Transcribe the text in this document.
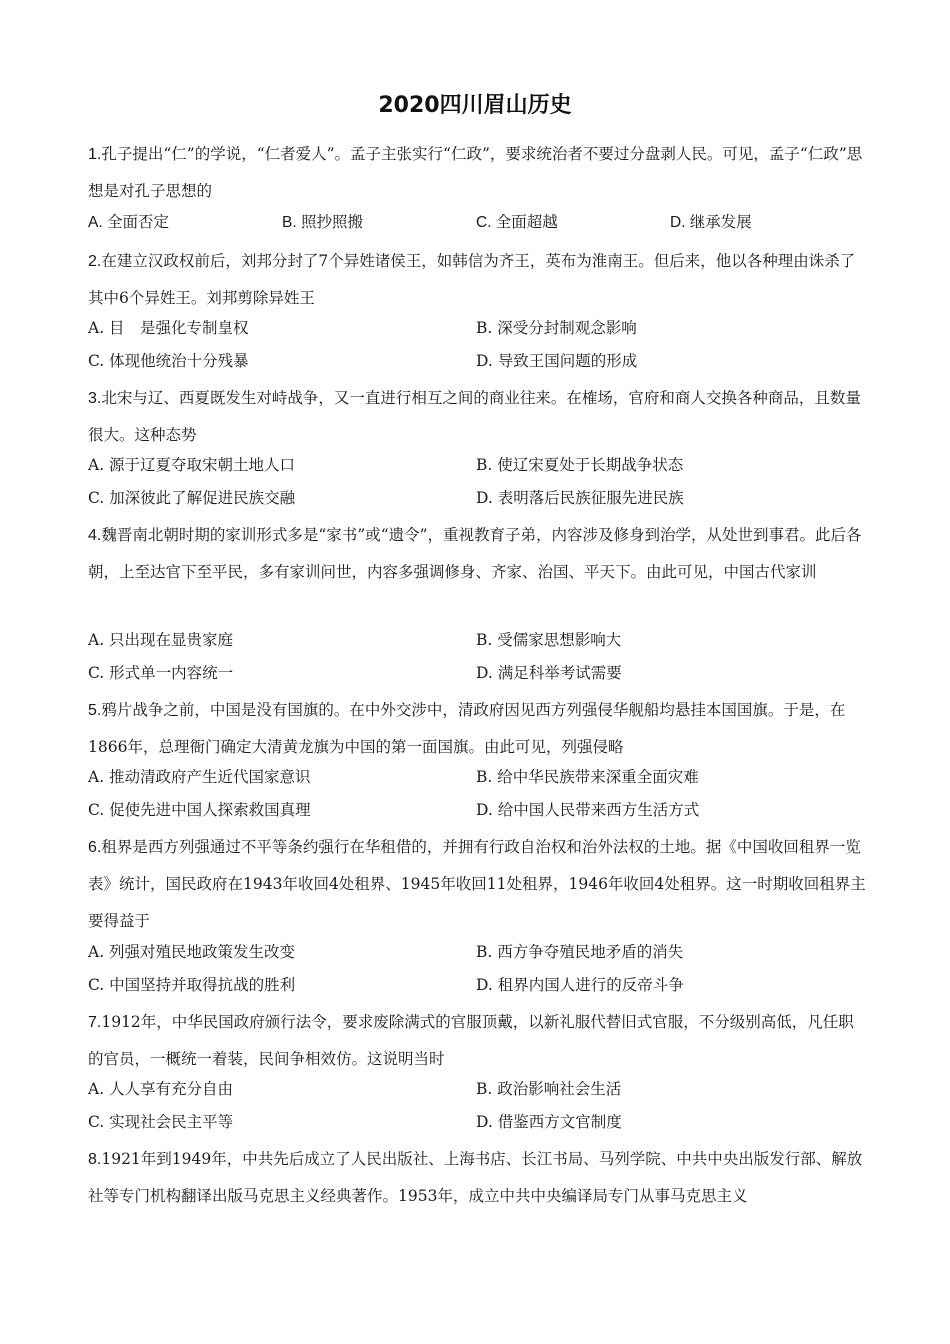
2020四川眉山历史
1.孔子提出“仁”的学说，“仁者爱人”。孟子主张实行“仁政”，要求统治者不要过分盘剥人民。可见，孟子“仁政”思想是对孔子思想的
A. 全面否定	B. 照抄照搬	C. 全面超越	D. 继承发展
2.在建立汉政权前后，刘邦分封了7个异姓诸侯王，如韩信为齐王，英布为淮南王。但后来，他以各种理由诛杀了其中6个异姓王。刘邦剪除异姓王
A. 目　是强化专制皇权	B. 深受分封制观念影响
C. 体现他统治十分残暴	D. 导致王国问题的形成
3.北宋与辽、西夏既发生对峙战争，又一直进行相互之间的商业往来。在榷场，官府和商人交换各种商品，且数量很大。这种态势
A. 源于辽夏夺取宋朝土地人口	B. 使辽宋夏处于长期战争状态
C. 加深彼此了解促进民族交融	D. 表明落后民族征服先进民族
4.魏晋南北朝时期的家训形式多是“家书”或“遗令”，重视教育子弟，内容涉及修身到治学，从处世到事君。此后各朝，上至达官下至平民，多有家训问世，内容多强调修身、齐家、治国、平天下。由此可见，中国古代家训
A. 只出现在显贵家庭	B. 受儒家思想影响大
C. 形式单一内容统一	D. 满足科举考试需要
5.鸦片战争之前，中国是没有国旗的。在中外交涉中，清政府因见西方列强侵华舰船均悬挂本国国旗。于是，在1866年，总理衙门确定大清黄龙旗为中国的第一面国旗。由此可见，列强侵略
A. 推动清政府产生近代国家意识	B. 给中华民族带来深重全面灾难
C. 促使先进中国人探索救国真理	D. 给中国人民带来西方生活方式
6.租界是西方列强通过不平等条约强行在华租借的，并拥有行政自治权和治外法权的土地。据《中国收回租界一览表》统计，国民政府在1943年收回4处租界、1945年收回11处租界，1946年收回4处租界。这一时期收回租界主要得益于
A. 列强对殖民地政策发生改变	B. 西方争夺殖民地矛盾的消失
C. 中国坚持并取得抗战的胜利	D. 租界内国人进行的反帝斗争
7.1912年，中华民国政府颁行法令，要求废除满式的官服顶戴，以新礼服代替旧式官服，不分级别高低，凡任职的官员，一概统一着装，民间争相效仿。这说明当时
A. 人人享有充分自由	B. 政治影响社会生活
C. 实现社会民主平等	D. 借鉴西方文官制度
8.1921年到1949年，中共先后成立了人民出版社、上海书店、长江书局、马列学院、中共中央出版发行部、解放社等专门机构翻译出版马克思主义经典著作。1953年，成立中共中央编译局专门从事马克思主义
